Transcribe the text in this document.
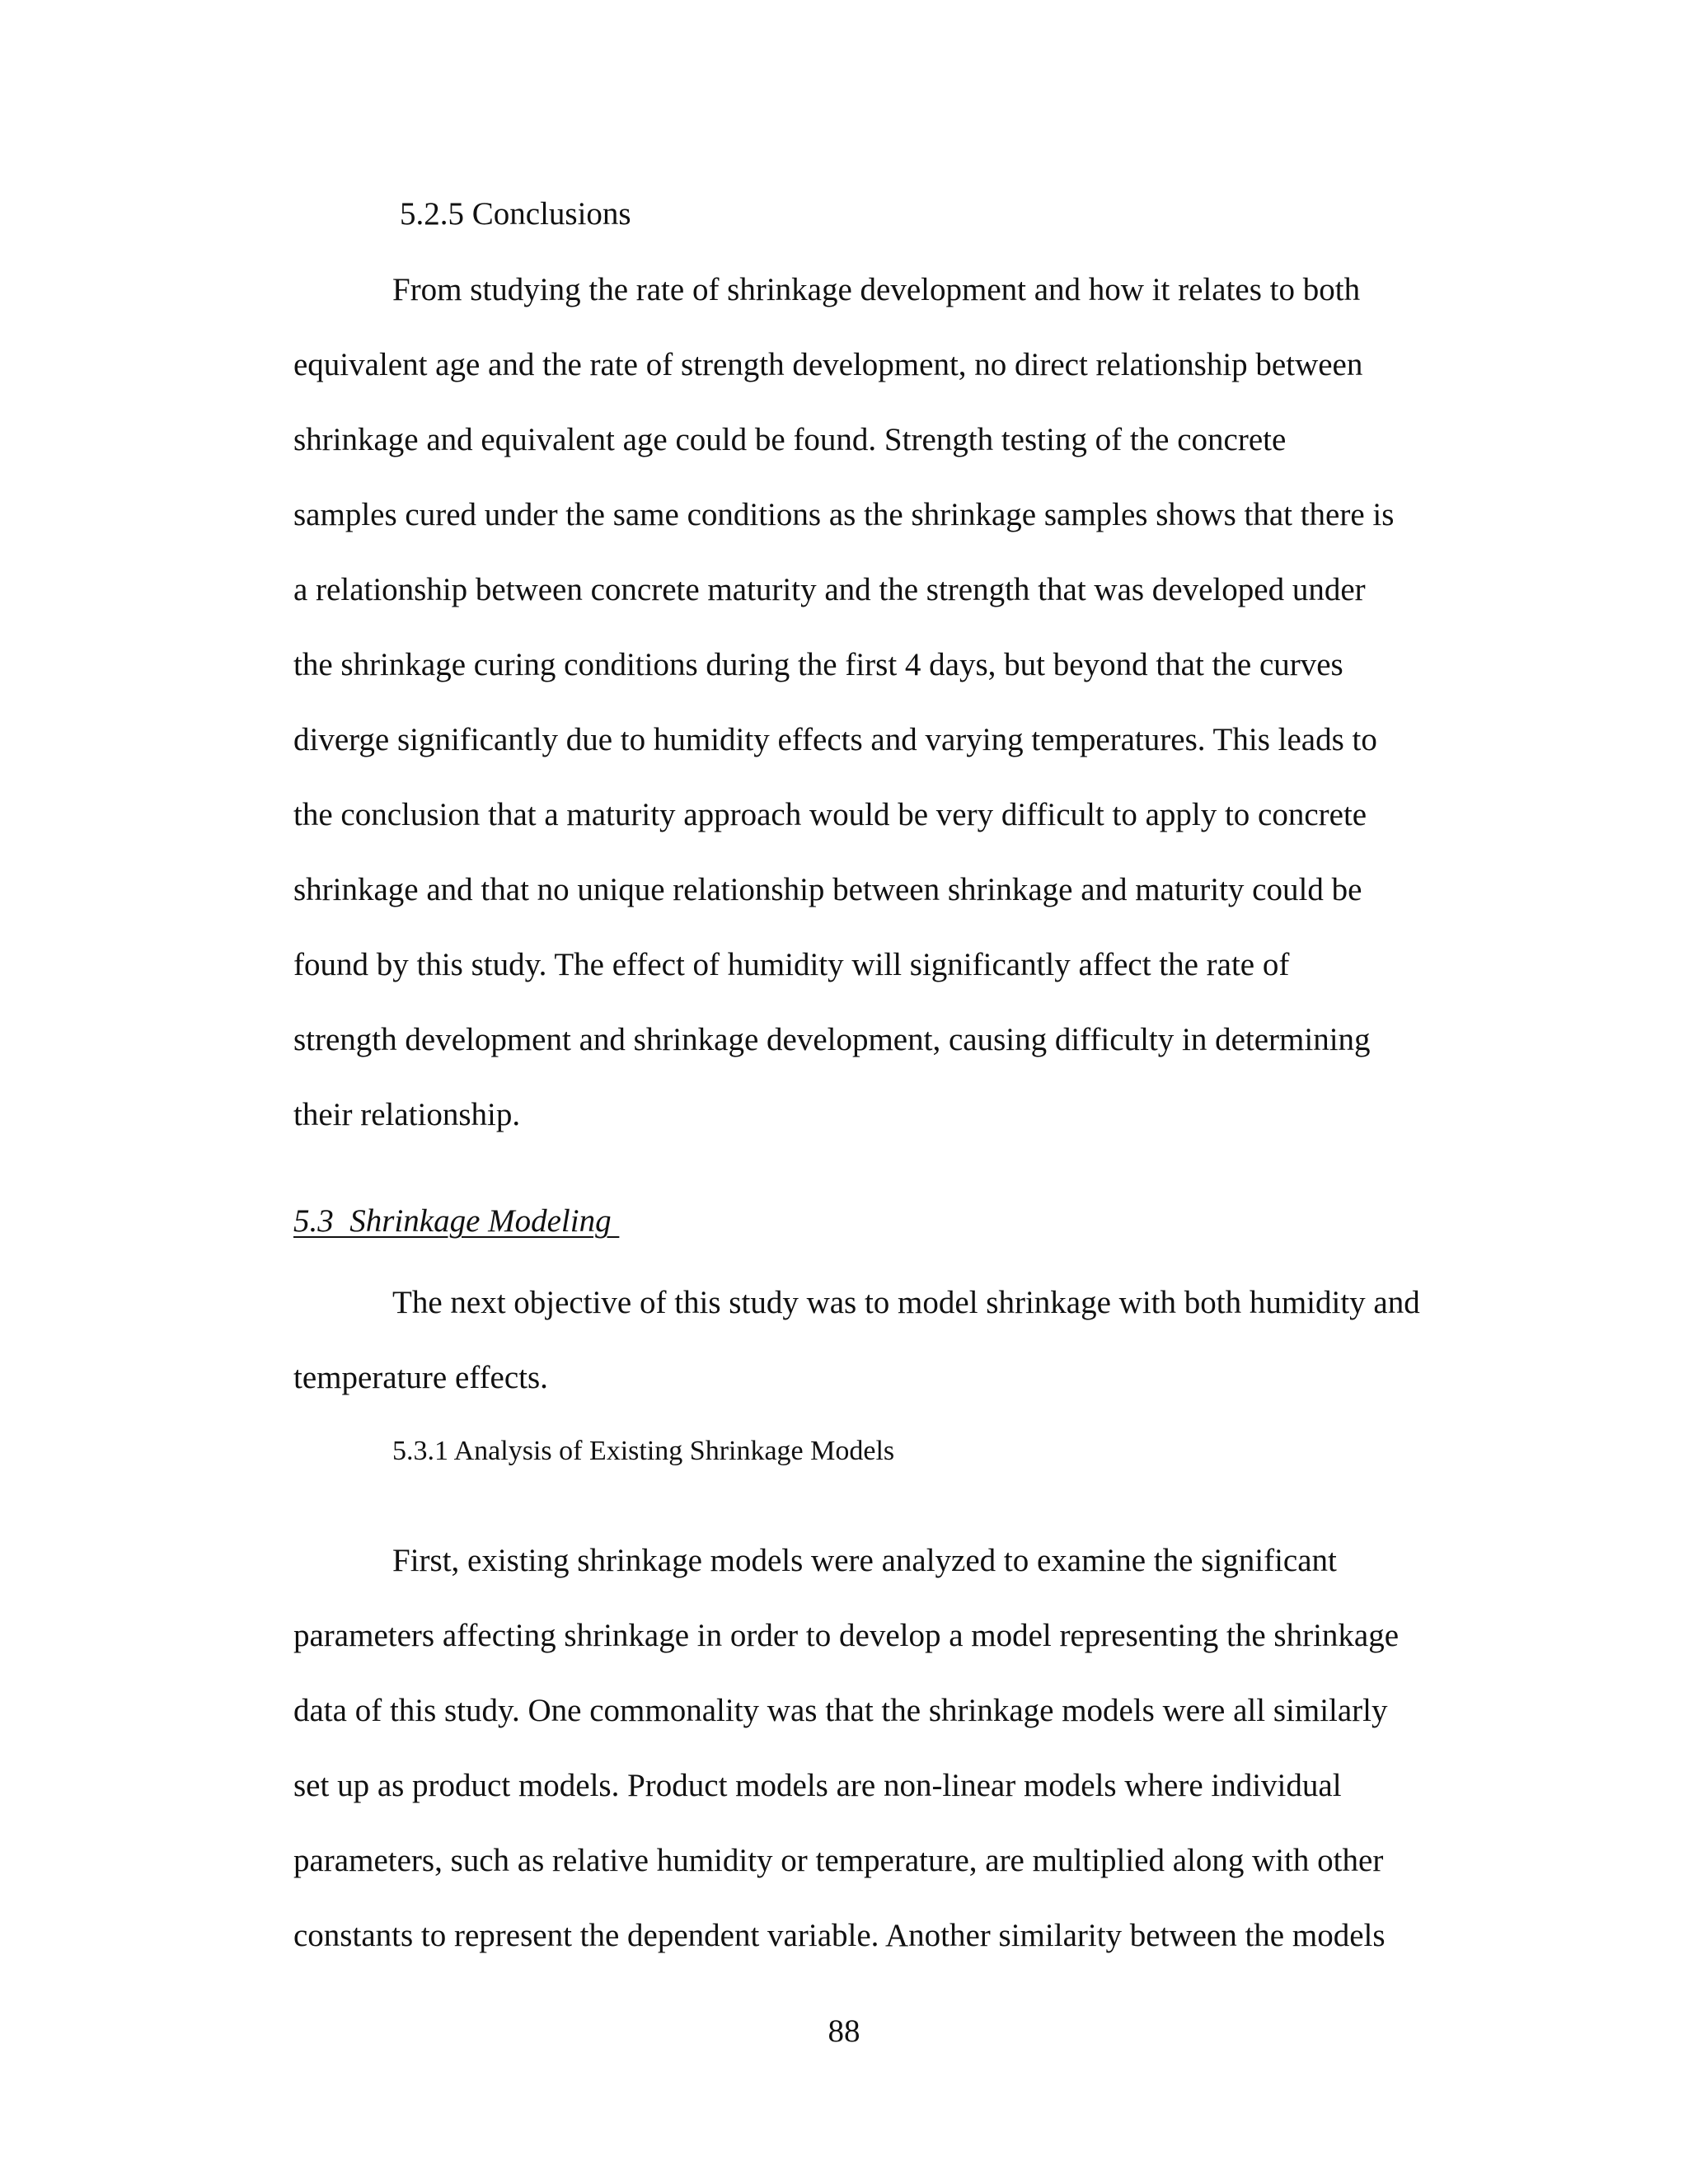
5.2.5 Conclusions
From studying the rate of shrinkage development and how it relates to both
equivalent age and the rate of strength development, no direct relationship between
shrinkage and equivalent age could be found. Strength testing of the concrete
samples cured under the same conditions as the shrinkage samples shows that there is
a relationship between concrete maturity and the strength that was developed under
the shrinkage curing conditions during the first 4 days, but beyond that the curves
diverge significantly due to humidity effects and varying temperatures. This leads to
the conclusion that a maturity approach would be very difficult to apply to concrete
shrinkage and that no unique relationship between shrinkage and maturity could be
found by this study. The effect of humidity will significantly affect the rate of
strength development and shrinkage development, causing difficulty in determining
their relationship.
5.3  Shrinkage Modeling
The next objective of this study was to model shrinkage with both humidity and
temperature effects.
5.3.1 Analysis of Existing Shrinkage Models
First, existing shrinkage models were analyzed to examine the significant
parameters affecting shrinkage in order to develop a model representing the shrinkage
data of this study. One commonality was that the shrinkage models were all similarly
set up as product models. Product models are non-linear models where individual
parameters, such as relative humidity or temperature, are multiplied along with other
constants to represent the dependent variable. Another similarity between the models
88
